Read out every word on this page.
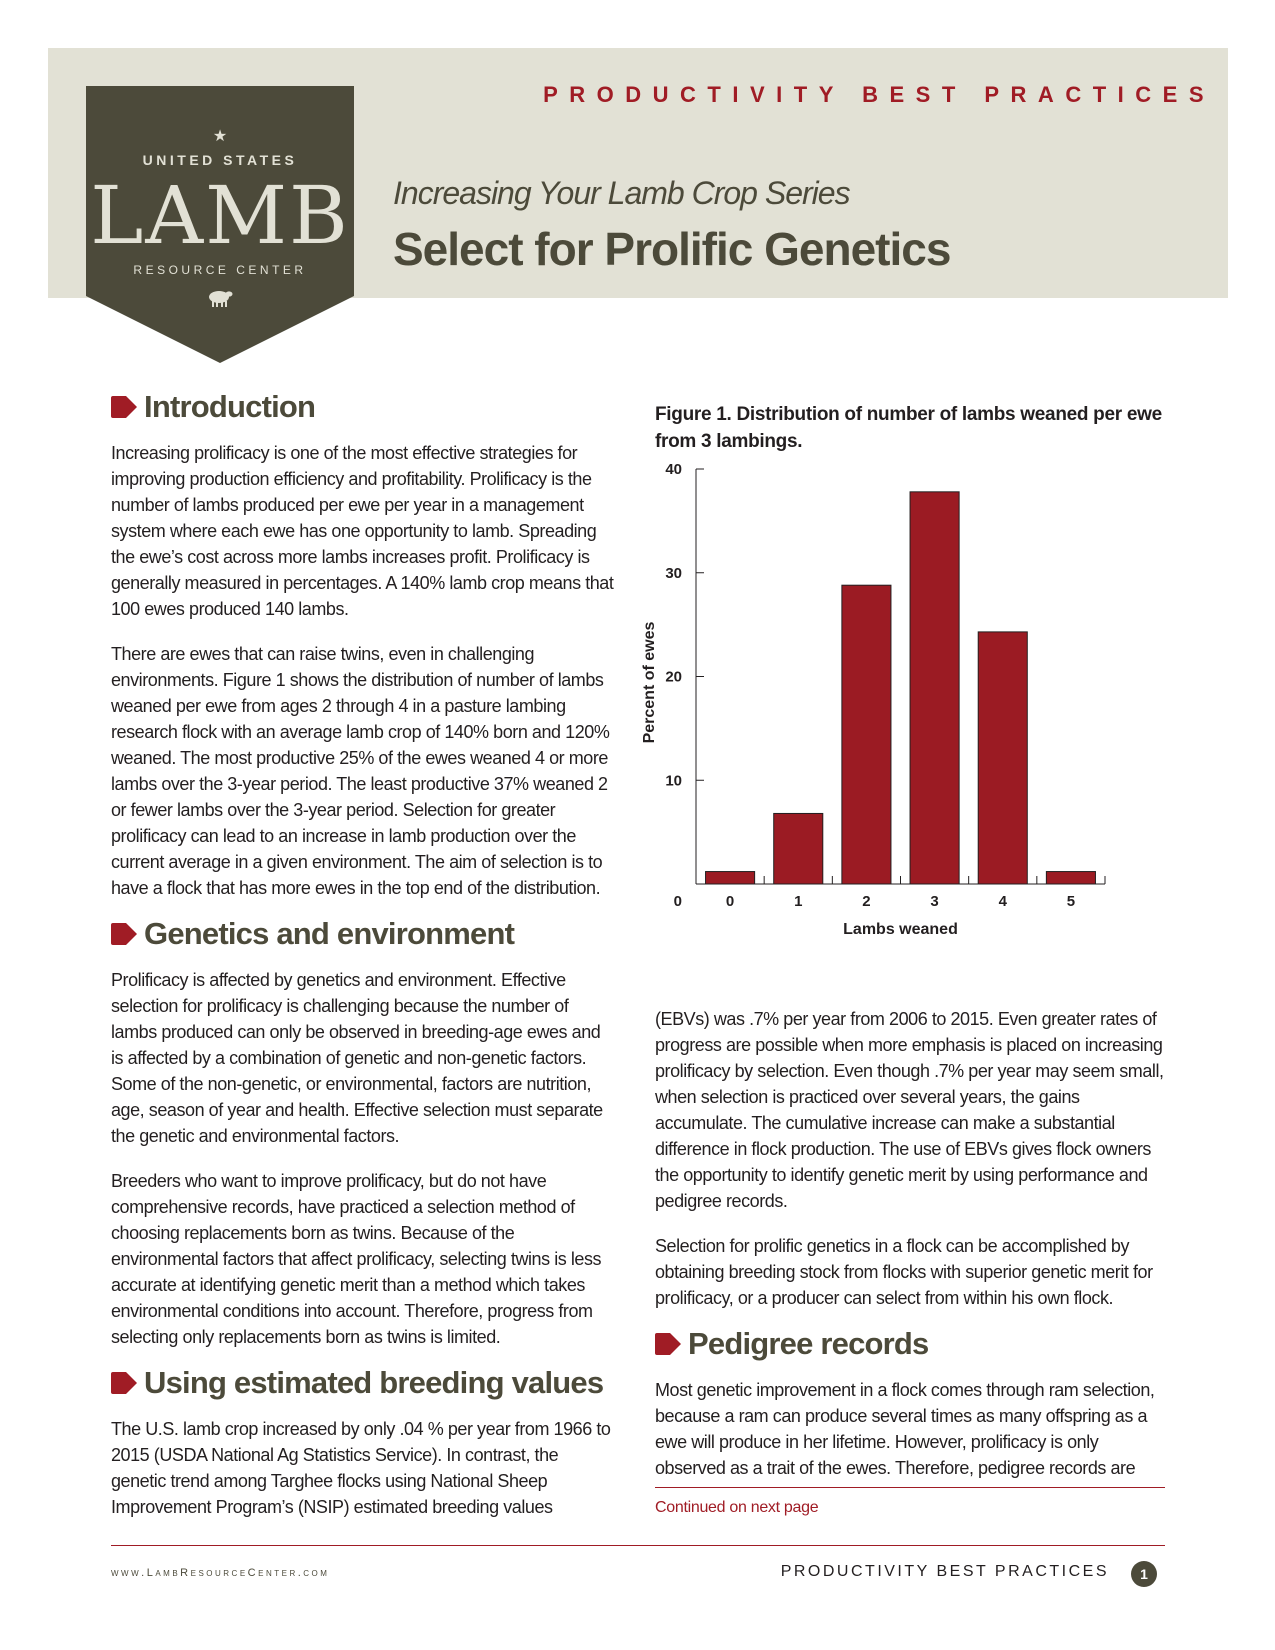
PRODUCTIVITY BEST PRACTICES
★
UNITED STATES
LAMB
RESOURCE CENTER
Increasing Your Lamb Crop Series
Select for Prolific Genetics
Introduction

Increasing prolificacy is one of the most effective strategies for improving production efficiency and profitability. Prolificacy is the number of lambs produced per ewe per year in a management system where each ewe has one opportunity to lamb. Spreading the ewe’s cost across more lambs increases profit. Prolificacy is generally measured in percentages. A 140% lamb crop means that 100 ewes produced 140 lambs.

There are ewes that can raise twins, even in challenging environments. Figure 1 shows the distribution of number of lambs weaned per ewe from ages 2 through 4 in a pasture lambing research flock with an average lamb crop of 140% born and 120% weaned. The most productive 25% of the ewes weaned 4 or more lambs over the 3-year period. The least productive 37% weaned 2 or fewer lambs over the 3-year period. Selection for greater prolificacy can lead to an increase in lamb production over the current average in a given environment. The aim of selection is to have a flock that has more ewes in the top end of the distribution.

Genetics and environment

Prolificacy is affected by genetics and environment. Effective selection for prolificacy is challenging because the number of lambs produced can only be observed in breeding-age ewes and is affected by a combination of genetic and non-genetic factors. Some of the non-genetic, or environmental, factors are nutrition, age, season of year and health. Effective selection must separate the genetic and environmental factors.

Breeders who want to improve prolificacy, but do not have comprehensive records, have practiced a selection method of choosing replacements born as twins. Because of the environmental factors that affect prolificacy, selecting twins is less accurate at identifying genetic merit than a method which takes environmental conditions into account. Therefore, progress from selecting only replacements born as twins is limited.

Using estimated breeding values

The U.S. lamb crop increased by only .04 % per year from 1966 to 2015 (USDA National Ag Statistics Service). In contrast, the genetic trend among Targhee flocks using National Sheep Improvement Program’s (NSIP) estimated breeding values

Figure 1. Distribution of number of lambs weaned per ewe from 3 lambings.
0
10
20
30
40
0	1	2	3	4	5
Lambs weaned
Percent of ewes

(EBVs) was .7% per year from 2006 to 2015. Even greater rates of progress are possible when more emphasis is placed on increasing prolificacy by selection. Even though .7% per year may seem small, when selection is practiced over several years, the gains accumulate. The cumulative increase can make a substantial difference in flock production. The use of EBVs gives flock owners the opportunity to identify genetic merit by using performance and pedigree records.

Selection for prolific genetics in a flock can be accomplished by obtaining breeding stock from flocks with superior genetic merit for prolificacy, or a producer can select from within his own flock.

Pedigree records

Most genetic improvement in a flock comes through ram selection, because a ram can produce several times as many offspring as a ewe will produce in her lifetime. However, prolificacy is only observed as a trait of the ewes. Therefore, pedigree records are

Continued on next page
www.LambResourceCenter.com	PRODUCTIVITY BEST PRACTICES	1
